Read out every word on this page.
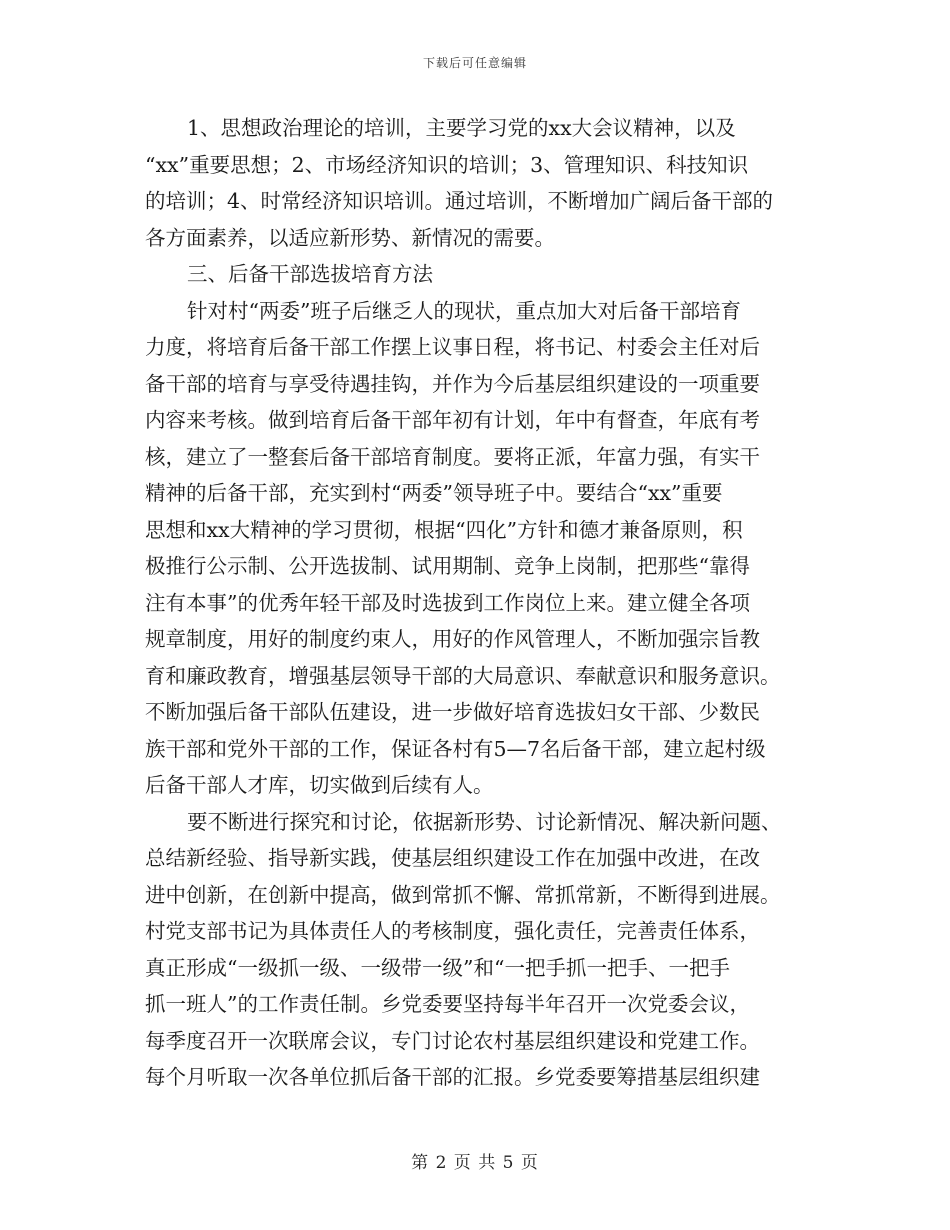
下载后可任意编辑
1、思想政治理论的培训，主要学习党的xx大会议精神，以及
“xx”重要思想；2、市场经济知识的培训；3、管理知识、科技知识
的培训；4、时常经济知识培训。通过培训，不断增加广阔后备干部的
各方面素养，以适应新形势、新情况的需要。
三、后备干部选拔培育方法
针对村“两委”班子后继乏人的现状，重点加大对后备干部培育
力度，将培育后备干部工作摆上议事日程，将书记、村委会主任对后
备干部的培育与享受待遇挂钩，并作为今后基层组织建设的一项重要
内容来考核。做到培育后备干部年初有计划，年中有督查，年底有考
核，建立了一整套后备干部培育制度。要将正派，年富力强，有实干
精神的后备干部，充实到村“两委”领导班子中。要结合“xx”重要
思想和xx大精神的学习贯彻，根据“四化”方针和德才兼备原则，积
极推行公示制、公开选拔制、试用期制、竞争上岗制，把那些“靠得
注有本事”的优秀年轻干部及时选拔到工作岗位上来。建立健全各项
规章制度，用好的制度约束人，用好的作风管理人，不断加强宗旨教
育和廉政教育，增强基层领导干部的大局意识、奉献意识和服务意识。
不断加强后备干部队伍建设，进一步做好培育选拔妇女干部、少数民
族干部和党外干部的工作，保证各村有5—7名后备干部，建立起村级
后备干部人才库，切实做到后续有人。
要不断进行探究和讨论，依据新形势、讨论新情况、解决新问题、
总结新经验、指导新实践，使基层组织建设工作在加强中改进，在改
进中创新，在创新中提高，做到常抓不懈、常抓常新，不断得到进展。
村党支部书记为具体责任人的考核制度，强化责任，完善责任体系，
真正形成“一级抓一级、一级带一级”和“一把手抓一把手、一把手
抓一班人”的工作责任制。乡党委要坚持每半年召开一次党委会议，
每季度召开一次联席会议，专门讨论农村基层组织建设和党建工作。
每个月听取一次各单位抓后备干部的汇报。乡党委要筹措基层组织建
第 2 页 共 5 页
